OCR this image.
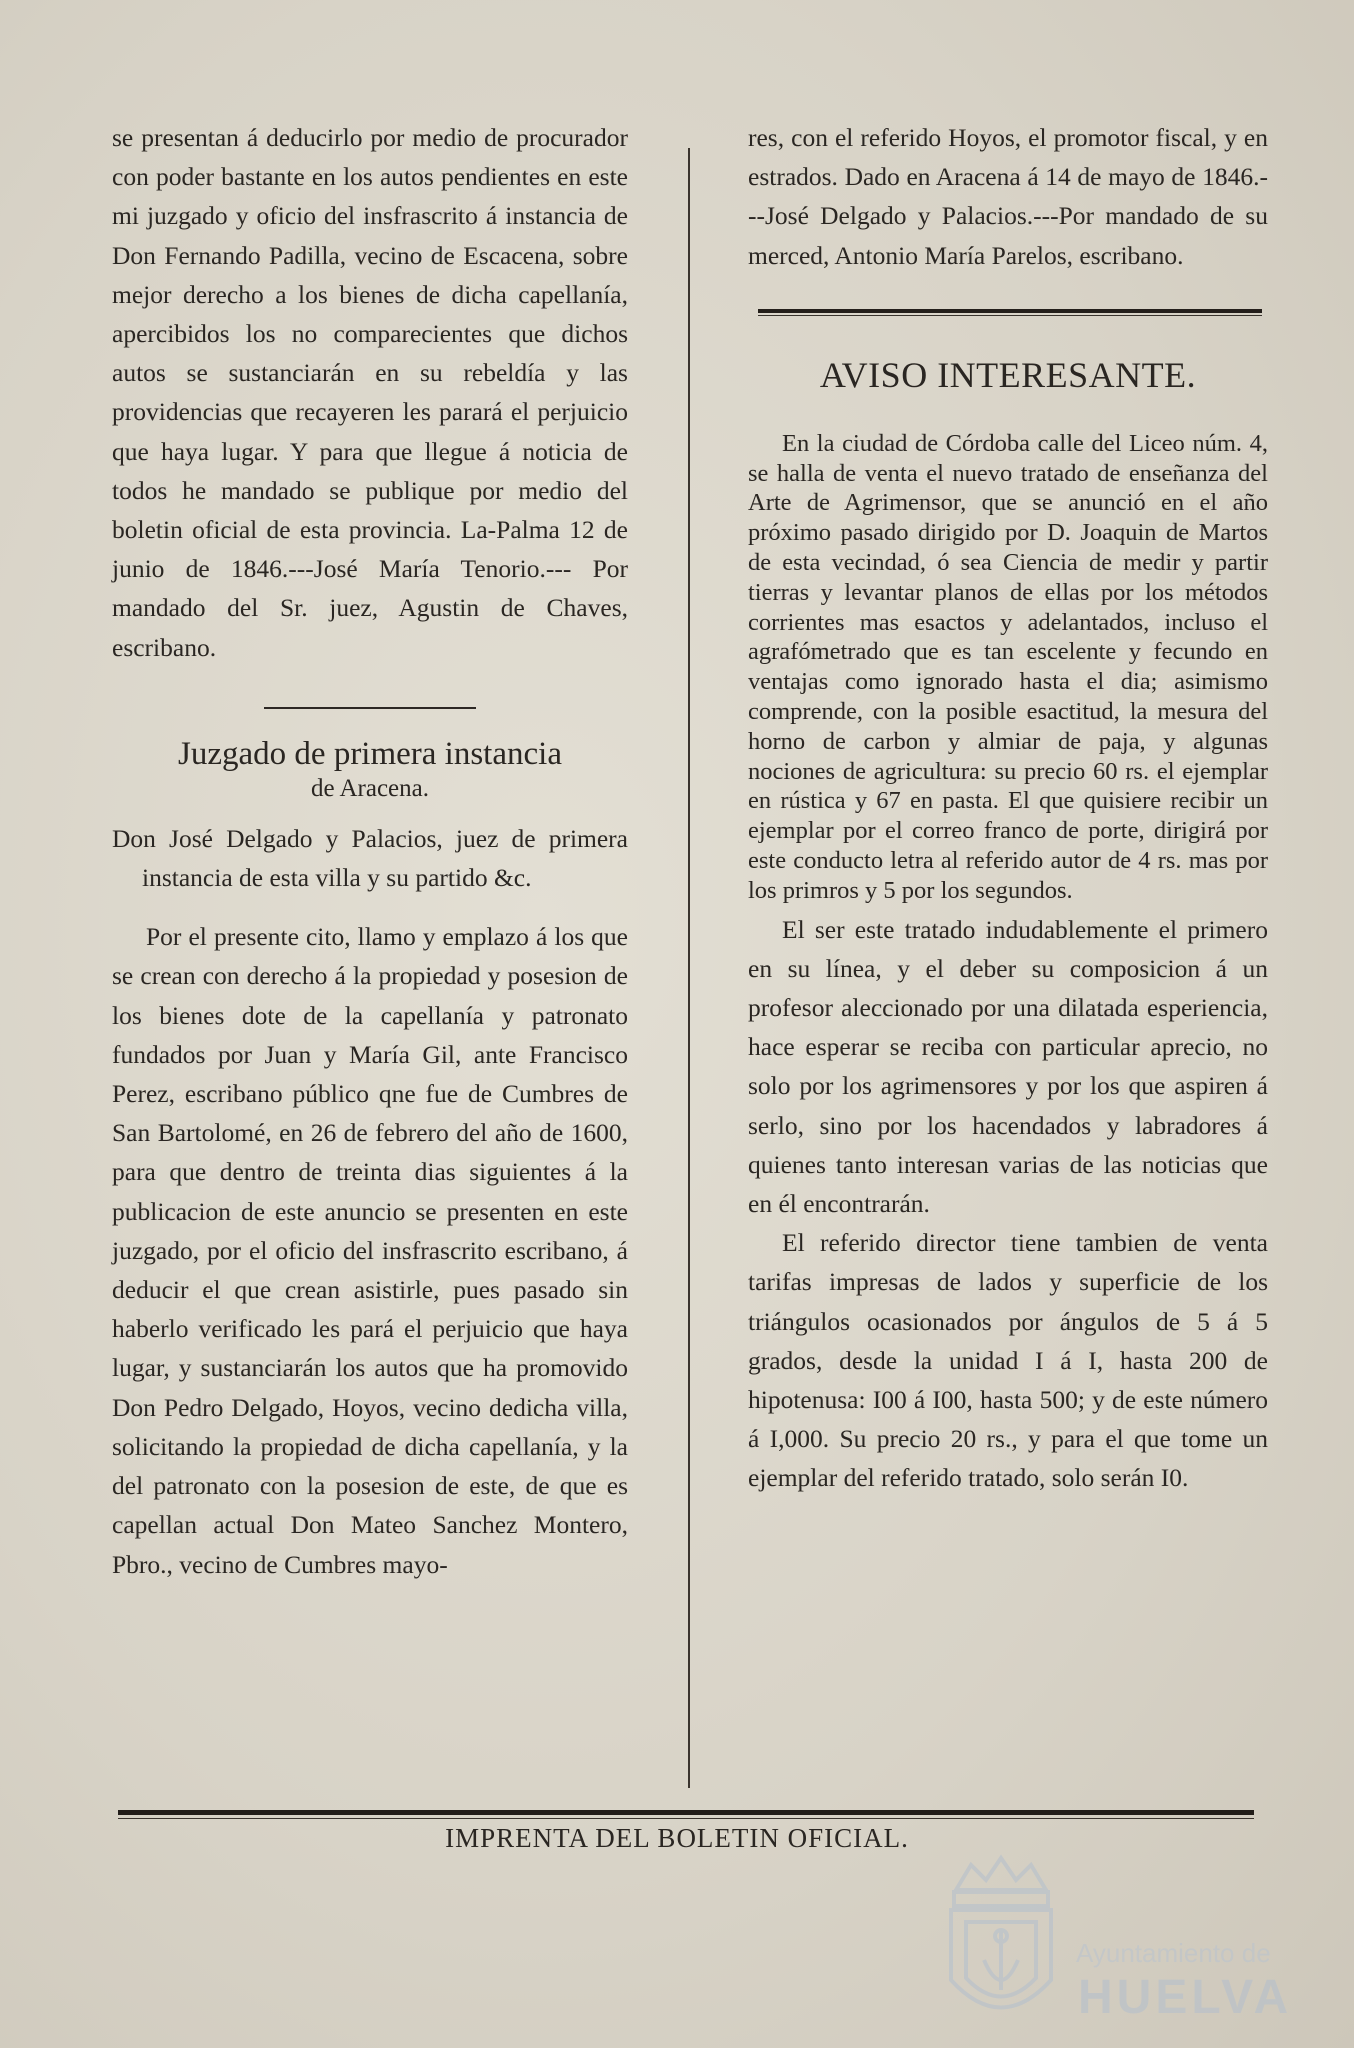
se presentan á deducirlo por medio de procurador con poder bastante en los autos pendientes en este mi juzgado y oficio del insfrascrito á instancia de Don Fernando Padilla, vecino de Escacena, sobre mejor derecho a los bienes de dicha capellanía, apercibidos los no comparecientes que dichos autos se sustanciarán en su rebeldía y las providencias que recayeren les parará el perjuicio que haya lugar. Y para que llegue á noticia de todos he mandado se publique por medio del boletin oficial de esta provincia. La-Palma 12 de junio de 1846.---José María Tenorio.--- Por mandado del Sr. juez, Agustin de Chaves, escribano.

Juzgado de primera instancia

de Aracena.

Don José Delgado y Palacios, juez de primera instancia de esta villa y su partido &c.

Por el presente cito, llamo y emplazo á los que se crean con derecho á la propiedad y posesion de los bienes dote de la capellanía y patronato fundados por Juan y María Gil, ante Francisco Perez, escribano público qne fue de Cumbres de San Bartolomé, en 26 de febrero del año de 1600, para que dentro de treinta dias siguientes á la publicacion de este anuncio se presenten en este juzgado, por el oficio del insfrascrito escribano, á deducir el que crean asistirle, pues pasado sin haberlo verificado les pará el perjuicio que haya lugar, y sustanciarán los autos que ha promovido Don Pedro Delgado, Hoyos, vecino dedicha villa, solicitando la propiedad de dicha capellanía, y la del patronato con la posesion de este, de que es capellan actual Don Mateo Sanchez Montero, Pbro., vecino de Cumbres mayo-

res, con el referido Hoyos, el promotor fiscal, y en estrados. Dado en Aracena á 14 de mayo de 1846.---José Delgado y Palacios.---Por mandado de su merced, Antonio María Parelos, escribano.

AVISO INTERESANTE.

En la ciudad de Córdoba calle del Liceo núm. 4, se halla de venta el nuevo tratado de enseñanza del Arte de Agrimensor, que se anunció en el año próximo pasado dirigido por D. Joaquin de Martos de esta vecindad, ó sea Ciencia de medir y partir tierras y levantar planos de ellas por los métodos corrientes mas esactos y adelantados, incluso el agrafómetrado que es tan escelente y fecundo en ventajas como ignorado hasta el dia; asimismo comprende, con la posible esactitud, la mesura del horno de carbon y almiar de paja, y algunas nociones de agricultura: su precio 60 rs. el ejemplar en rústica y 67 en pasta. El que quisiere recibir un ejemplar por el correo franco de porte, dirigirá por este conducto letra al referido autor de 4 rs. mas por los primros y 5 por los segundos.

El ser este tratado indudablemente el primero en su línea, y el deber su composicion á un profesor aleccionado por una dilatada esperiencia, hace esperar se reciba con particular aprecio, no solo por los agrimensores y por los que aspiren á serlo, sino por los hacendados y labradores á quienes tanto interesan varias de las noticias que en él encontrarán.

El referido director tiene tambien de venta tarifas impresas de lados y superficie de los triángulos ocasionados por ángulos de 5 á 5 grados, desde la unidad I á I, hasta 200 de hipotenusa: I00 á I00, hasta 500; y de este número á I,000. Su precio 20 rs., y para el que tome un ejemplar del referido tratado, solo serán I0.

IMPRENTA DEL BOLETIN OFICIAL.
Ayuntamiento de
HUELVA
